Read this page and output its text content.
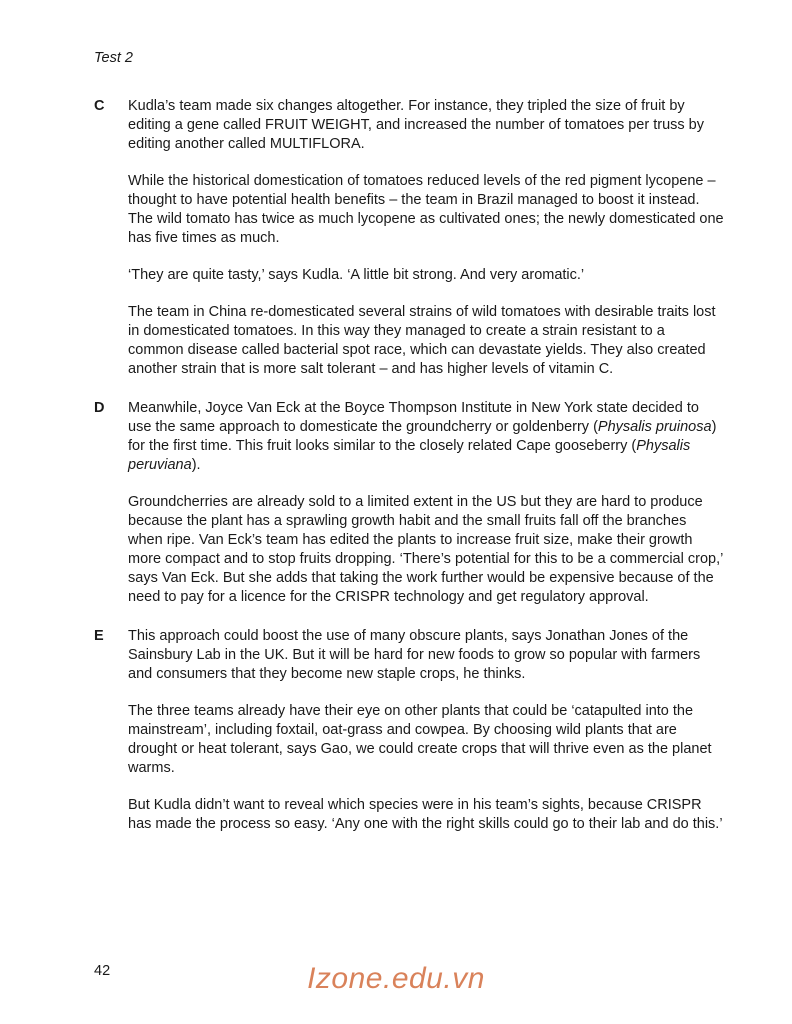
Test 2
C Kudla’s team made six changes altogether. For instance, they tripled the size of fruit by editing a gene called FRUIT WEIGHT, and increased the number of tomatoes per truss by editing another called MULTIFLORA.

While the historical domestication of tomatoes reduced levels of the red pigment lycopene – thought to have potential health benefits – the team in Brazil managed to boost it instead. The wild tomato has twice as much lycopene as cultivated ones; the newly domesticated one has five times as much.

‘They are quite tasty,’ says Kudla. ‘A little bit strong. And very aromatic.’

The team in China re-domesticated several strains of wild tomatoes with desirable traits lost in domesticated tomatoes. In this way they managed to create a strain resistant to a common disease called bacterial spot race, which can devastate yields. They also created another strain that is more salt tolerant – and has higher levels of vitamin C.

D Meanwhile, Joyce Van Eck at the Boyce Thompson Institute in New York state decided to use the same approach to domesticate the groundcherry or goldenberry (Physalis pruinosa) for the first time. This fruit looks similar to the closely related Cape gooseberry (Physalis peruviana).

Groundcherries are already sold to a limited extent in the US but they are hard to produce because the plant has a sprawling growth habit and the small fruits fall off the branches when ripe. Van Eck’s team has edited the plants to increase fruit size, make their growth more compact and to stop fruits dropping. ‘There’s potential for this to be a commercial crop,’ says Van Eck. But she adds that taking the work further would be expensive because of the need to pay for a licence for the CRISPR technology and get regulatory approval.

E This approach could boost the use of many obscure plants, says Jonathan Jones of the Sainsbury Lab in the UK. But it will be hard for new foods to grow so popular with farmers and consumers that they become new staple crops, he thinks.

The three teams already have their eye on other plants that could be ‘catapulted into the mainstream’, including foxtail, oat-grass and cowpea. By choosing wild plants that are drought or heat tolerant, says Gao, we could create crops that will thrive even as the planet warms.

But Kudla didn’t want to reveal which species were in his team’s sights, because CRISPR has made the process so easy. ‘Any one with the right skills could go to their lab and do this.’

42	Izone.edu.vn
